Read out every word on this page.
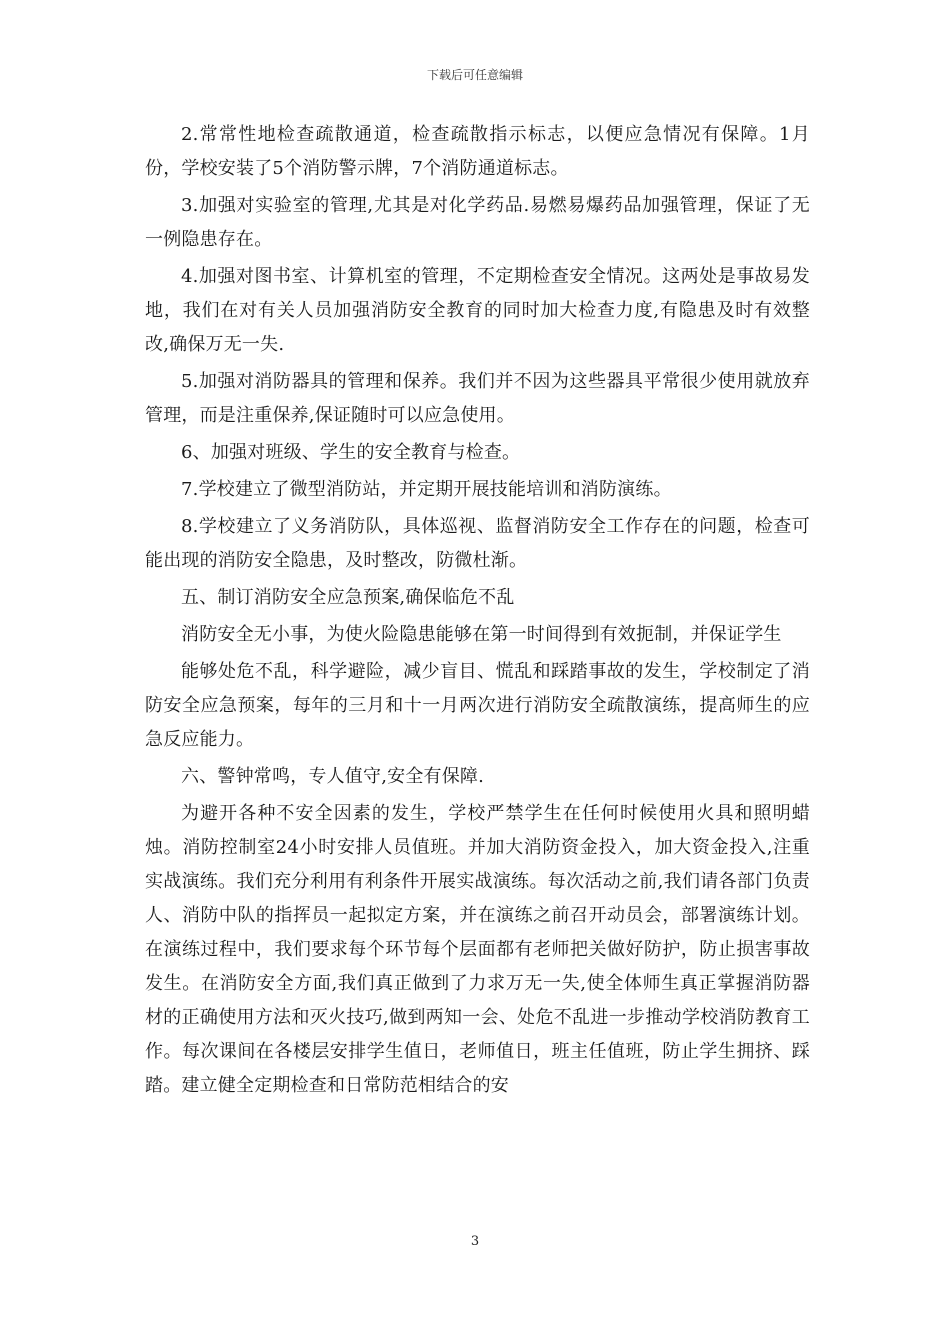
下载后可任意编辑

2.常常性地检查疏散通道，检查疏散指示标志，以便应急情况有保障。1月份，学校安装了5个消防警示牌，7个消防通道标志。

3.加强对实验室的管理,尤其是对化学药品.易燃易爆药品加强管理，保证了无一例隐患存在。

4.加强对图书室、计算机室的管理，不定期检查安全情况。这两处是事故易发地，我们在对有关人员加强消防安全教育的同时加大检查力度,有隐患及时有效整改,确保万无一失.

5.加强对消防器具的管理和保养。我们并不因为这些器具平常很少使用就放弃管理，而是注重保养,保证随时可以应急使用。

6、加强对班级、学生的安全教育与检查。

7.学校建立了微型消防站，并定期开展技能培训和消防演练。

8.学校建立了义务消防队，具体巡视、监督消防安全工作存在的问题，检查可能出现的消防安全隐患，及时整改，防微杜渐。

五、制订消防安全应急预案,确保临危不乱

消防安全无小事，为使火险隐患能够在第一时间得到有效扼制，并保证学生

能够处危不乱，科学避险，减少盲目、慌乱和踩踏事故的发生，学校制定了消防安全应急预案，每年的三月和十一月两次进行消防安全疏散演练，提高师生的应急反应能力。

六、警钟常鸣，专人值守,安全有保障.

为避开各种不安全因素的发生，学校严禁学生在任何时候使用火具和照明蜡烛。消防控制室24小时安排人员值班。并加大消防资金投入，加大资金投入,注重实战演练。我们充分利用有利条件开展实战演练。每次活动之前,我们请各部门负责人、消防中队的指挥员一起拟定方案，并在演练之前召开动员会，部署演练计划。在演练过程中，我们要求每个环节每个层面都有老师把关做好防护，防止损害事故发生。在消防安全方面,我们真正做到了力求万无一失,使全体师生真正掌握消防器材的正确使用方法和灭火技巧,做到两知一会、处危不乱进一步推动学校消防教育工作。每次课间在各楼层安排学生值日，老师值日，班主任值班，防止学生拥挤、踩踏。建立健全定期检查和日常防范相结合的安

3
